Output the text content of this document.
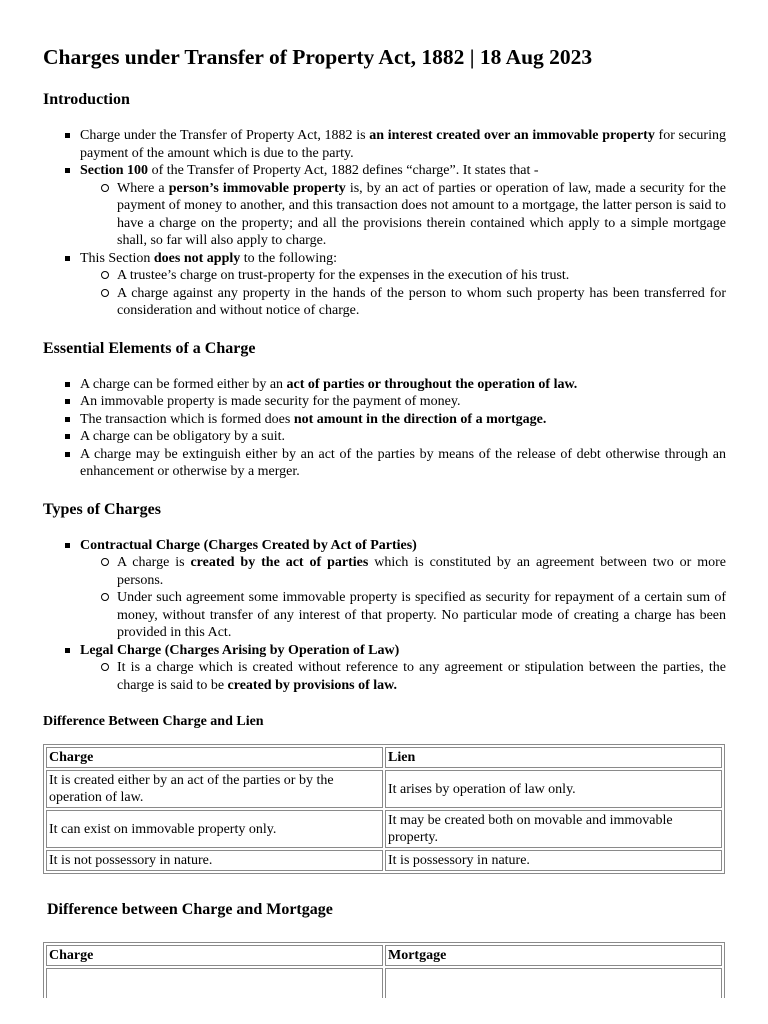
Charges under Transfer of Property Act, 1882 | 18 Aug 2023
Introduction
Charge under the Transfer of Property Act, 1882 is an interest created over an immovable property for securing payment of the amount which is due to the party.
Section 100 of the Transfer of Property Act, 1882 defines “charge”. It states that -
Where a person’s immovable property is, by an act of parties or operation of law, made a security for the payment of money to another, and this transaction does not amount to a mortgage, the latter person is said to have a charge on the property; and all the provisions therein contained which apply to a simple mortgage shall, so far will also apply to charge.
This Section does not apply to the following:
A trustee’s charge on trust-property for the expenses in the execution of his trust.
A charge against any property in the hands of the person to whom such property has been transferred for consideration and without notice of charge.
Essential Elements of a Charge
A charge can be formed either by an act of parties or throughout the operation of law.
An immovable property is made security for the payment of money.
The transaction which is formed does not amount in the direction of a mortgage.
A charge can be obligatory by a suit.
A charge may be extinguish either by an act of the parties by means of the release of debt otherwise through an enhancement or otherwise by a merger.
Types of Charges
Contractual Charge (Charges Created by Act of Parties)
A charge is created by the act of parties which is constituted by an agreement between two or more persons.
Under such agreement some immovable property is specified as security for repayment of a certain sum of money, without transfer of any interest of that property. No particular mode of creating a charge has been provided in this Act.
Legal Charge (Charges Arising by Operation of Law)
It is a charge which is created without reference to any agreement or stipulation between the parties, the charge is said to be created by provisions of law.
Difference Between Charge and Lien
Charge	Lien
It is created either by an act of the parties or by the operation of law.	It arises by operation of law only.
It can exist on immovable property only.	It may be created both on movable and immovable property.
It is not possessory in nature.	It is possessory in nature.
Difference between Charge and Mortgage
Charge	Mortgage
